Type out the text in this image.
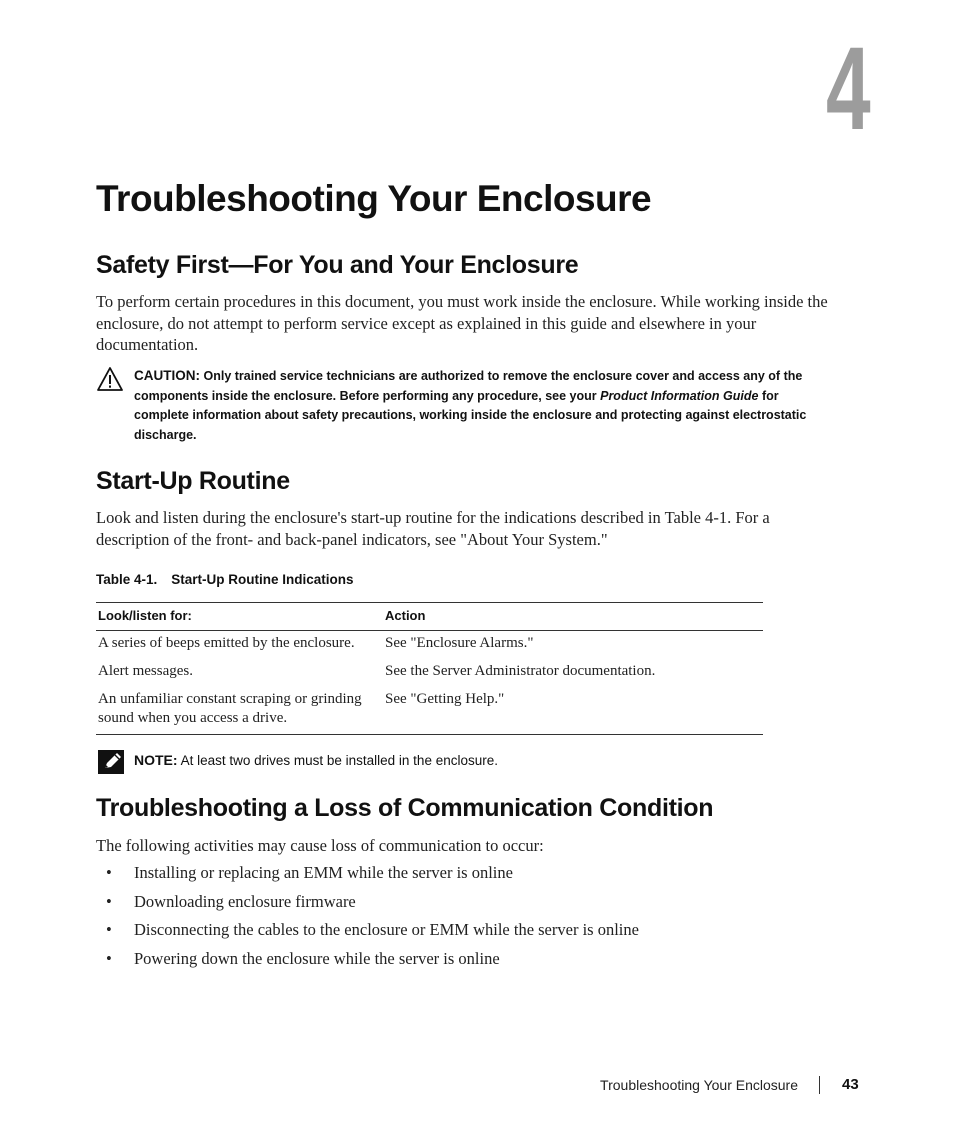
4
Troubleshooting Your Enclosure
Safety First—For You and Your Enclosure

To perform certain procedures in this document, you must work inside the enclosure. While working inside the enclosure, do not attempt to perform service except as explained in this guide and elsewhere in your documentation.

CAUTION: Only trained service technicians are authorized to remove the enclosure cover and access any of the components inside the enclosure. Before performing any procedure, see your Product Information Guide for complete information about safety precautions, working inside the enclosure and protecting against electrostatic discharge.
Start-Up Routine

Look and listen during the enclosure's start-up routine for the indications described in Table 4-1. For a description of the front- and back-panel indicators, see "About Your System."

Table 4-1. Start-Up Routine Indications
Look/listen for:	Action
A series of beeps emitted by the enclosure.	See "Enclosure Alarms."
Alert messages.	See the Server Administrator documentation.
An unfamiliar constant scraping or grinding sound when you access a drive.	See "Getting Help."
NOTE: At least two drives must be installed in the enclosure.
Troubleshooting a Loss of Communication Condition

The following activities may cause loss of communication to occur:

• Installing or replacing an EMM while the server is online
• Downloading enclosure firmware
• Disconnecting the cables to the enclosure or EMM while the server is online
• Powering down the enclosure while the server is online
Troubleshooting Your Enclosure	43
